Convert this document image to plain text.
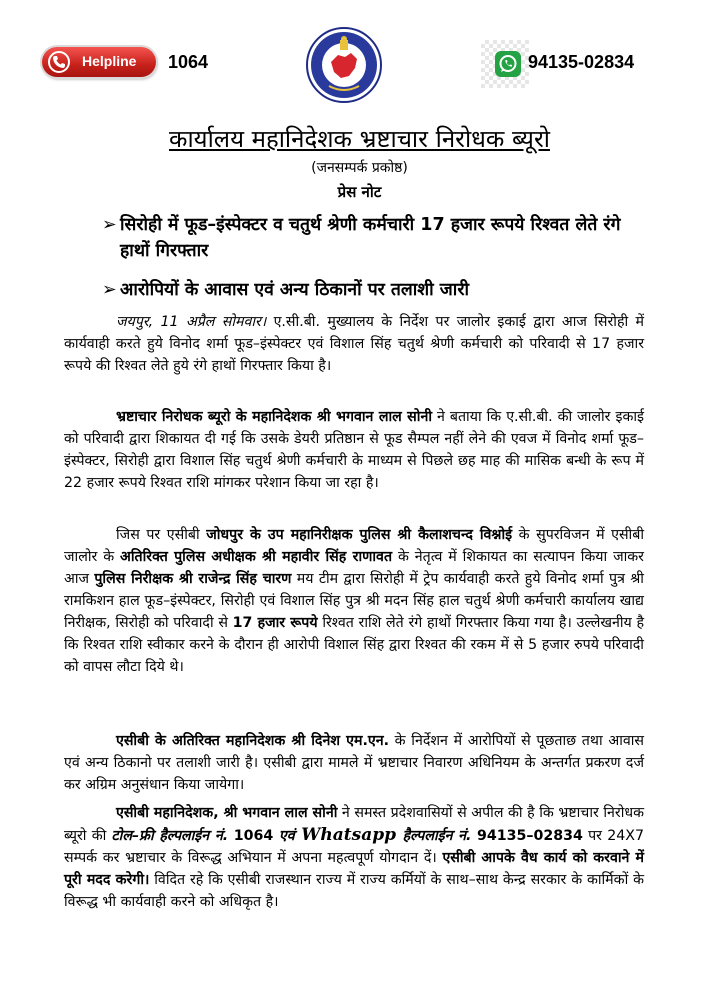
Helpline 1064	94135-02834
कार्यालय महानिदेशक भ्रष्टाचार निरोधक ब्यूरो
(जनसम्पर्क प्रकोष्ठ)
प्रेस नोट
➢ सिरोही में फूड–इंस्पेक्टर व चतुर्थ श्रेणी कर्मचारी 17 हजार रूपये रिश्वत लेते रंगे हाथों गिरफ्तार
➢ आरोपियों के आवास एवं अन्य ठिकानों पर तलाशी जारी
जयपुर, 11 अप्रैल सोमवार। ए.सी.बी. मुख्यालय के निर्देश पर जालोर इकाई द्वारा आज सिरोही में कार्यवाही करते हुये विनोद शर्मा फूड–इंस्पेक्टर एवं विशाल सिंह चतुर्थ श्रेणी कर्मचारी को परिवादी से 17 हजार रूपये की रिश्वत लेते हुये रंगे हाथों गिरफ्तार किया है।
भ्रष्टाचार निरोधक ब्यूरो के महानिदेशक श्री भगवान लाल सोनी ने बताया कि ए.सी.बी. की जालोर इकाई को परिवादी द्वारा शिकायत दी गई कि उसके डेयरी प्रतिष्ठान से फूड सैम्पल नहीं लेने की एवज में विनोद शर्मा फूड–इंस्पेक्टर, सिरोही द्वारा विशाल सिंह चतुर्थ श्रेणी कर्मचारी के माध्यम से पिछले छह माह की मासिक बन्धी के रूप में 22 हजार रूपये रिश्वत राशि मांगकर परेशान किया जा रहा है।
जिस पर एसीबी जोधपुर के उप महानिरीक्षक पुलिस श्री कैलाशचन्द विश्नोई के सुपरविजन में एसीबी जालोर के अतिरिक्त पुलिस अधीक्षक श्री महावीर सिंह राणावत के नेतृत्व में शिकायत का सत्यापन किया जाकर आज पुलिस निरीक्षक श्री राजेन्द्र सिंह चारण मय टीम द्वारा सिरोही में ट्रेप कार्यवाही करते हुये विनोद शर्मा पुत्र श्री रामकिशन हाल फूड–इंस्पेक्टर, सिरोही एवं विशाल सिंह पुत्र श्री मदन सिंह हाल चतुर्थ श्रेणी कर्मचारी कार्यालय खाद्य निरीक्षक, सिरोही को परिवादी से 17 हजार रूपये रिश्वत राशि लेते रंगे हाथों गिरफ्तार किया गया है। उल्लेखनीय है कि रिश्वत राशि स्वीकार करने के दौरान ही आरोपी विशाल सिंह द्वारा रिश्वत की रकम में से 5 हजार रुपये परिवादी को वापस लौटा दिये थे।
एसीबी के अतिरिक्त महानिदेशक श्री दिनेश एम.एन. के निर्देशन में आरोपियों से पूछताछ तथा आवास एवं अन्य ठिकानो पर तलाशी जारी है। एसीबी द्वारा मामले में भ्रष्टाचार निवारण अधिनियम के अन्तर्गत प्रकरण दर्ज कर अग्रिम अनुसंधान किया जायेगा।
एसीबी महानिदेशक, श्री भगवान लाल सोनी ने समस्त प्रदेशवासियों से अपील की है कि भ्रष्टाचार निरोधक ब्यूरो की टोल–फ्री हैल्पलाईन नं. 1064 एवं Whatsapp हैल्पलाईन नं. 94135–02834 पर 24X7 सम्पर्क कर भ्रष्टाचार के विरूद्ध अभियान में अपना महत्वपूर्ण योगदान दें। एसीबी आपके वैध कार्य को करवाने में पूरी मदद करेगी। विदित रहे कि एसीबी राजस्थान राज्य में राज्य कर्मियों के साथ–साथ केन्द्र सरकार के कार्मिकों के विरूद्ध भी कार्यवाही करने को अधिकृत है।
